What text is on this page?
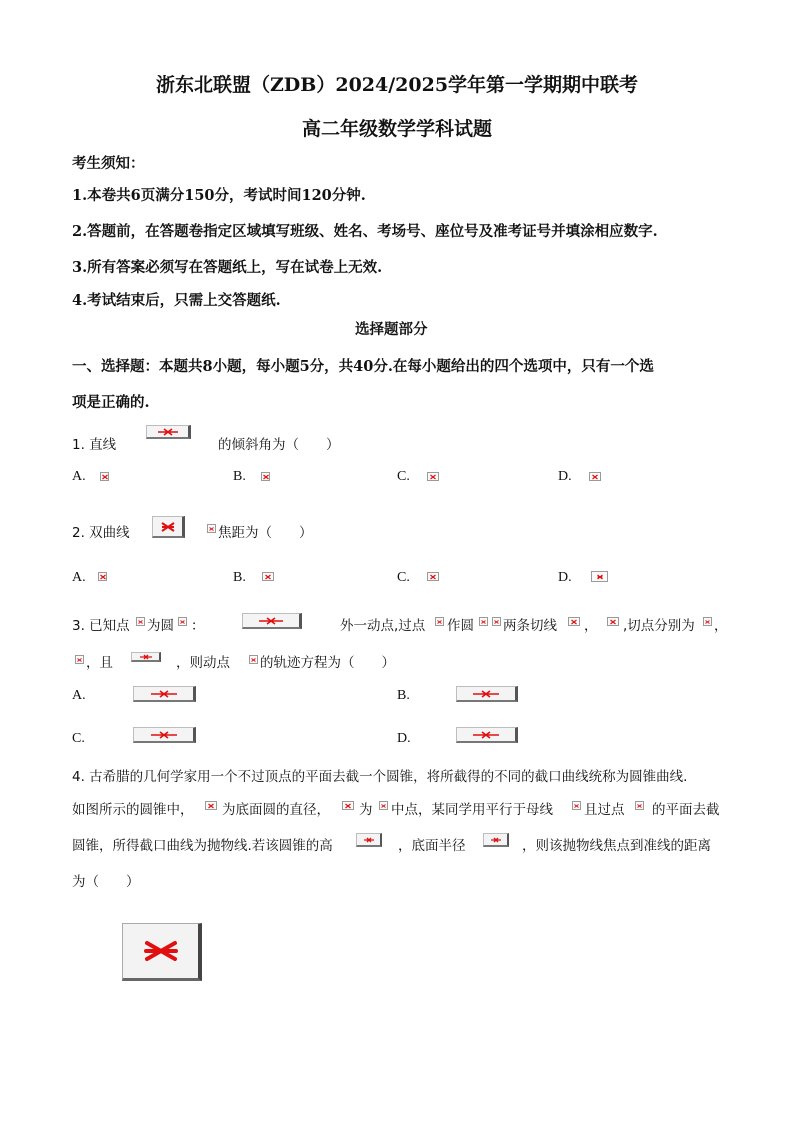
浙东北联盟（ZDB）2024/2025学年第一学期期中联考
高二年级数学学科试题
考生须知：
1.本卷共6页满分150分，考试时间120分钟.
2.答题前，在答题卷指定区域填写班级、姓名、考场号、座位号及准考证号并填涂相应数字.
3.所有答案必须写在答题纸上，写在试卷上无效.
4.考试结束后，只需上交答题纸.
选择题部分
一、选择题：本题共8小题，每小题5分，共40分.在每小题给出的四个选项中，只有一个选
项是正确的.
1. 直线	的倾斜角为（　　）
A.	B.	C.	D.
2. 双曲线	焦距为（　　）
A.	B.	C.	D.
3. 已知点 为圆 ：	外一动点,过点 作圆 两条切线 ， ,切点分别为 ，
，且	，则动点 的轨迹方程为（　　）
A.	B.
C.	D.
4. 古希腊的几何学家用一个不过顶点的平面去截一个圆锥，将所截得的不同的截口曲线统称为圆锥曲线.
如图所示的圆锥中， 为底面圆的直径， 为 中点，某同学用平行于母线 且过点 的平面去截
圆锥，所得截口曲线为抛物线.若该圆锥的高	，底面半径	，则该抛物线焦点到准线的距离
为（　　）
